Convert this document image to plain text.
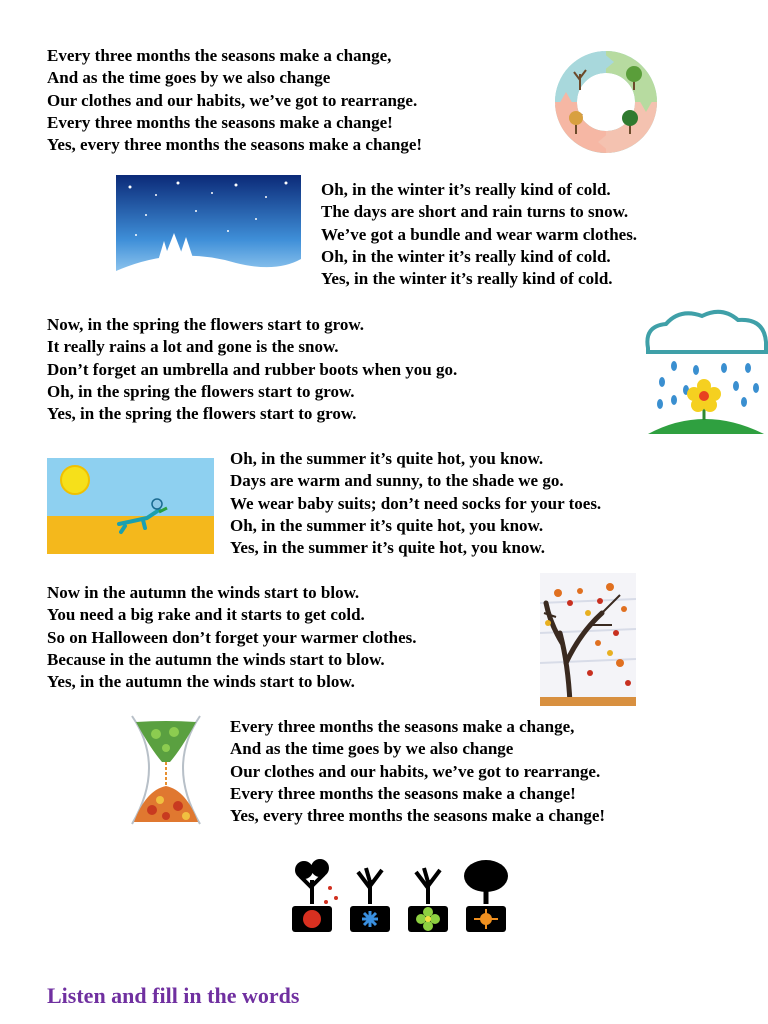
Every three months the seasons make a change,
And as the time goes by we also change
Our clothes and our habits, we’ve got to rearrange.
Every three months the seasons make a change!
Yes, every three months the seasons make a change!
Oh, in the winter it’s really kind of cold.
The days are short and rain turns to snow.
We’ve got a bundle and wear warm clothes.
Oh, in the winter it’s really kind of cold.
Yes, in the winter it’s really kind of cold.
Now, in the spring the flowers start to grow.
It really rains a lot and gone is the snow.
Don’t forget an umbrella and rubber boots when you go.
Oh, in the spring the flowers start to grow.
Yes, in the spring the flowers start to grow.
Oh, in the summer it’s quite hot, you know.
Days are warm and sunny, to the shade we go.
We wear baby suits; don’t need socks for your toes.
Oh, in the summer it’s quite hot, you know.
Yes, in the summer it’s quite hot, you know.
Now in the autumn the winds start to blow.
You need a big rake and it starts to get cold.
So on Halloween don’t forget your warmer clothes.
Because in the autumn the winds start to blow.
Yes, in the autumn the winds start to blow.
Every three months the seasons make a change,
And as the time goes by we also change
Our clothes and our habits, we’ve got to rearrange.
Every three months the seasons make a change!
Yes, every three months the seasons make a change!
Listen and fill in the words
